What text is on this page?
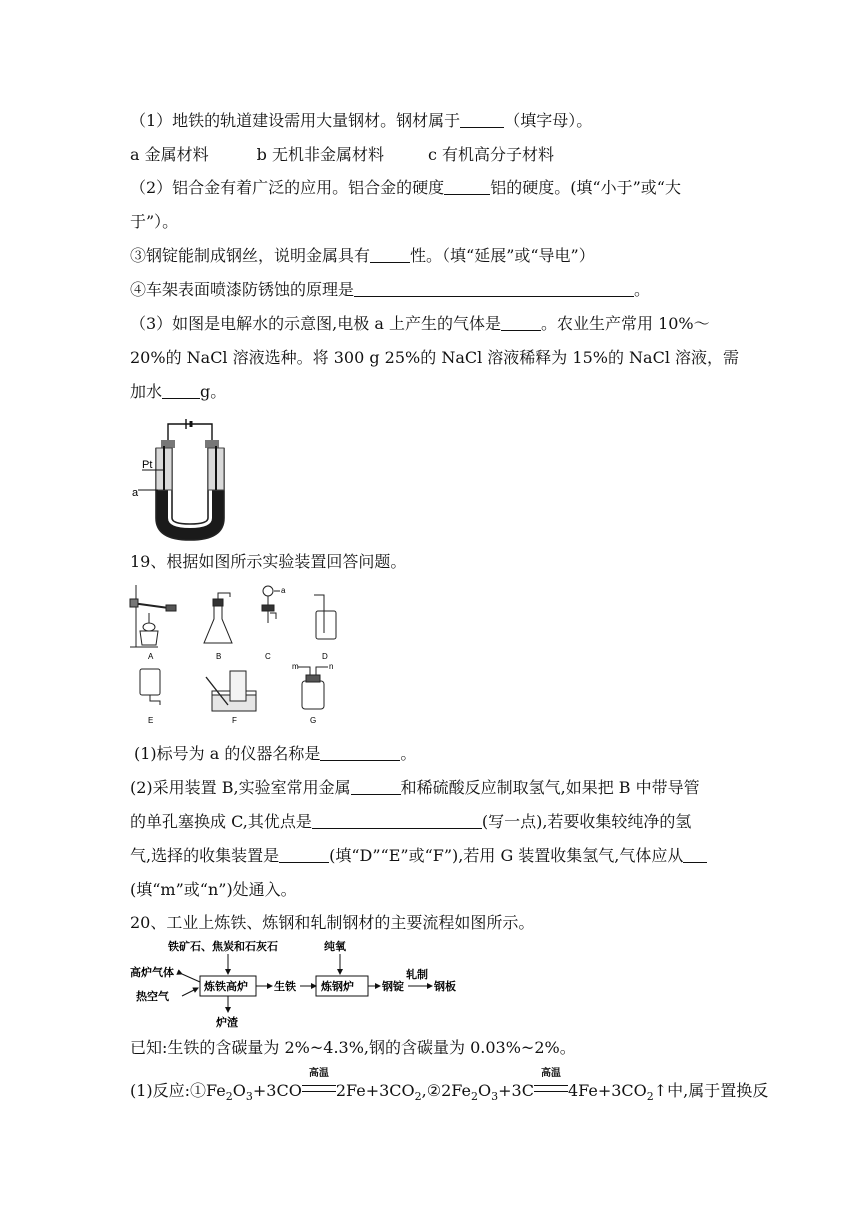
（1）地铁的轨道建设需用大量钢材。钢材属于	（填字母）。
a 金属材料	b 无机非金属材料	c 有机高分子材料
（2）铝合金有着广泛的应用。铝合金的硬度	铝的硬度。(填“小于”或“大
于”）。
③钢锭能制成钢丝，说明金属具有	性。（填“延展”或“导电”）
④车架表面喷漆防锈蚀的原理是	。
（3）如图是电解水的示意图,电极 a 上产生的气体是	。农业生产常用 10%～
20%的 NaCl 溶液选种。将 300 g 25%的 NaCl 溶液稀释为 15%的 NaCl 溶液，需
加水 g。
Pt
a
19、根据如图所示实验装置回答问题。
A	B
a
C	D
E	F
m	n
G
(1)标号为 a 的仪器名称是	。
(2)采用装置 B,实验室常用金属	和稀硫酸反应制取氢气,如果把 B 中带导管
的单孔塞换成 C,其优点是	(写一点),若要收集较纯净的氢
气,选择的收集装置是	(填“D”“E”或“F”),若用 G 装置收集氢气,气体应从
(填“m”或“n”)处通入。
20、工业上炼铁、炼钢和轧制钢材的主要流程如图所示。
铁矿石、焦炭和石灰石
高炉气体
热空气
炼铁高炉
炉渣
生铁
纯氧
炼钢炉	钢锭
轧制
钢板
已知:生铁的含碳量为 2%~4.3%,钢的含碳量为 0.03%~2%。
(1)反应$:①Fe_2O_3+3CO$
高温
$2Fe+3CO_2,②2Fe_2O_3+3C$
高温
$4Fe+3CO_2↑$中,属于置换反
